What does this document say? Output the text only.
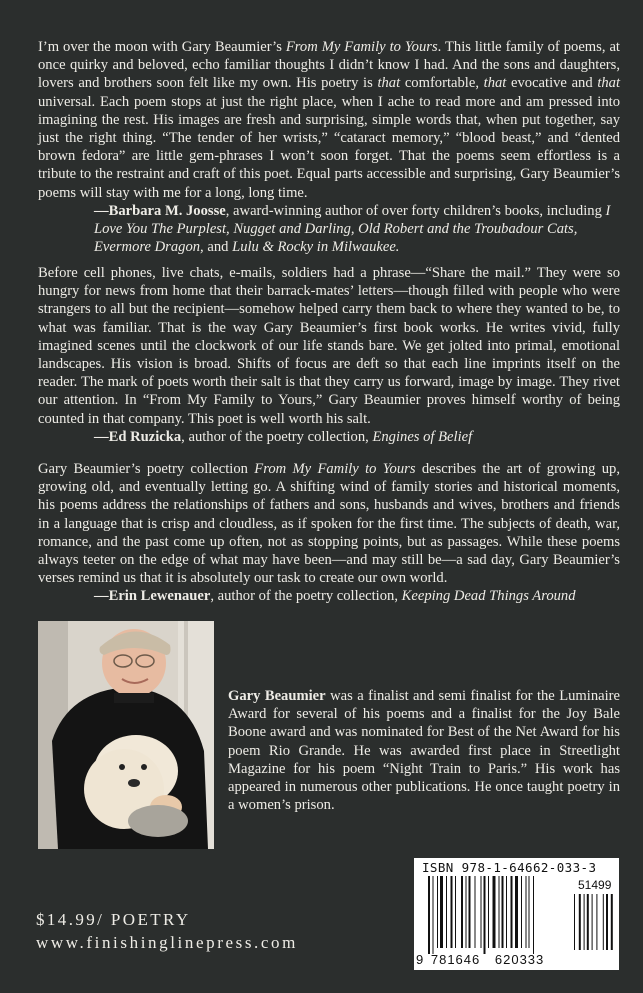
I’m over the moon with Gary Beaumier’s From My Family to Yours. This little family of poems, at once quirky and beloved, echo familiar thoughts I didn’t know I had. And the sons and daughters, lovers and brothers soon felt like my own. His poetry is that comfortable, that evocative and that universal. Each poem stops at just the right place, when I ache to read more and am pressed into imagining the rest. His images are fresh and surprising, simple words that, when put together, say just the right thing. “The tender of her wrists,” “cataract memory,” “blood beast,” and “dented brown fedora” are little gem-phrases I won’t soon forget. That the poems seem effortless is a tribute to the restraint and craft of this poet. Equal parts accessible and surprising, Gary Beaumier’s poems will stay with me for a long, long time.

—Barbara M. Joosse, award-winning author of over forty children’s books, including I Love You The Purplest, Nugget and Darling, Old Robert and the Troubadour Cats, Evermore Dragon, and Lulu & Rocky in Milwaukee.

Before cell phones, live chats, e-mails, soldiers had a phrase—“Share the mail.” They were so hungry for news from home that their barrack-mates’ letters—though filled with people who were strangers to all but the recipient—somehow helped carry them back to where they wanted to be, to what was familiar. That is the way Gary Beaumier’s first book works. He writes vivid, fully imagined scenes until the clockwork of our life stands bare. We get jolted into primal, emotional landscapes. His vision is broad. Shifts of focus are deft so that each line imprints itself on the reader. The mark of poets worth their salt is that they carry us forward, image by image. They rivet our attention. In “From My Family to Yours,” Gary Beaumier proves himself worthy of being counted in that company. This poet is well worth his salt.

—Ed Ruzicka, author of the poetry collection, Engines of Belief

Gary Beaumier’s poetry collection From My Family to Yours describes the art of growing up, growing old, and eventually letting go. A shifting wind of family stories and historical moments, his poems address the relationships of fathers and sons, husbands and wives, brothers and friends in a language that is crisp and cloudless, as if spoken for the first time. The subjects of death, war, romance, and the past come up often, not as stopping points, but as passages. While these poems always teeter on the edge of what may have been—and may still be—a sad day, Gary Beaumier’s verses remind us that it is absolutely our task to create our own world.

—Erin Lewenauer, author of the poetry collection, Keeping Dead Things Around

Gary Beaumier was a finalist and semi finalist for the Luminaire Award for several of his poems and a finalist for the Joy Bale Boone award and was nominated for Best of the Net Award for his poem Rio Grande. He was awarded first place in Streetlight Magazine for his poem “Night Train to Paris.” His work has appeared in numerous other publications. He once taught poetry in a women’s prison.

$14.99/ POETRY

www.finishinglinepress.com

ISBN 978-1-64662-033-3
51499
9 781646 620333
